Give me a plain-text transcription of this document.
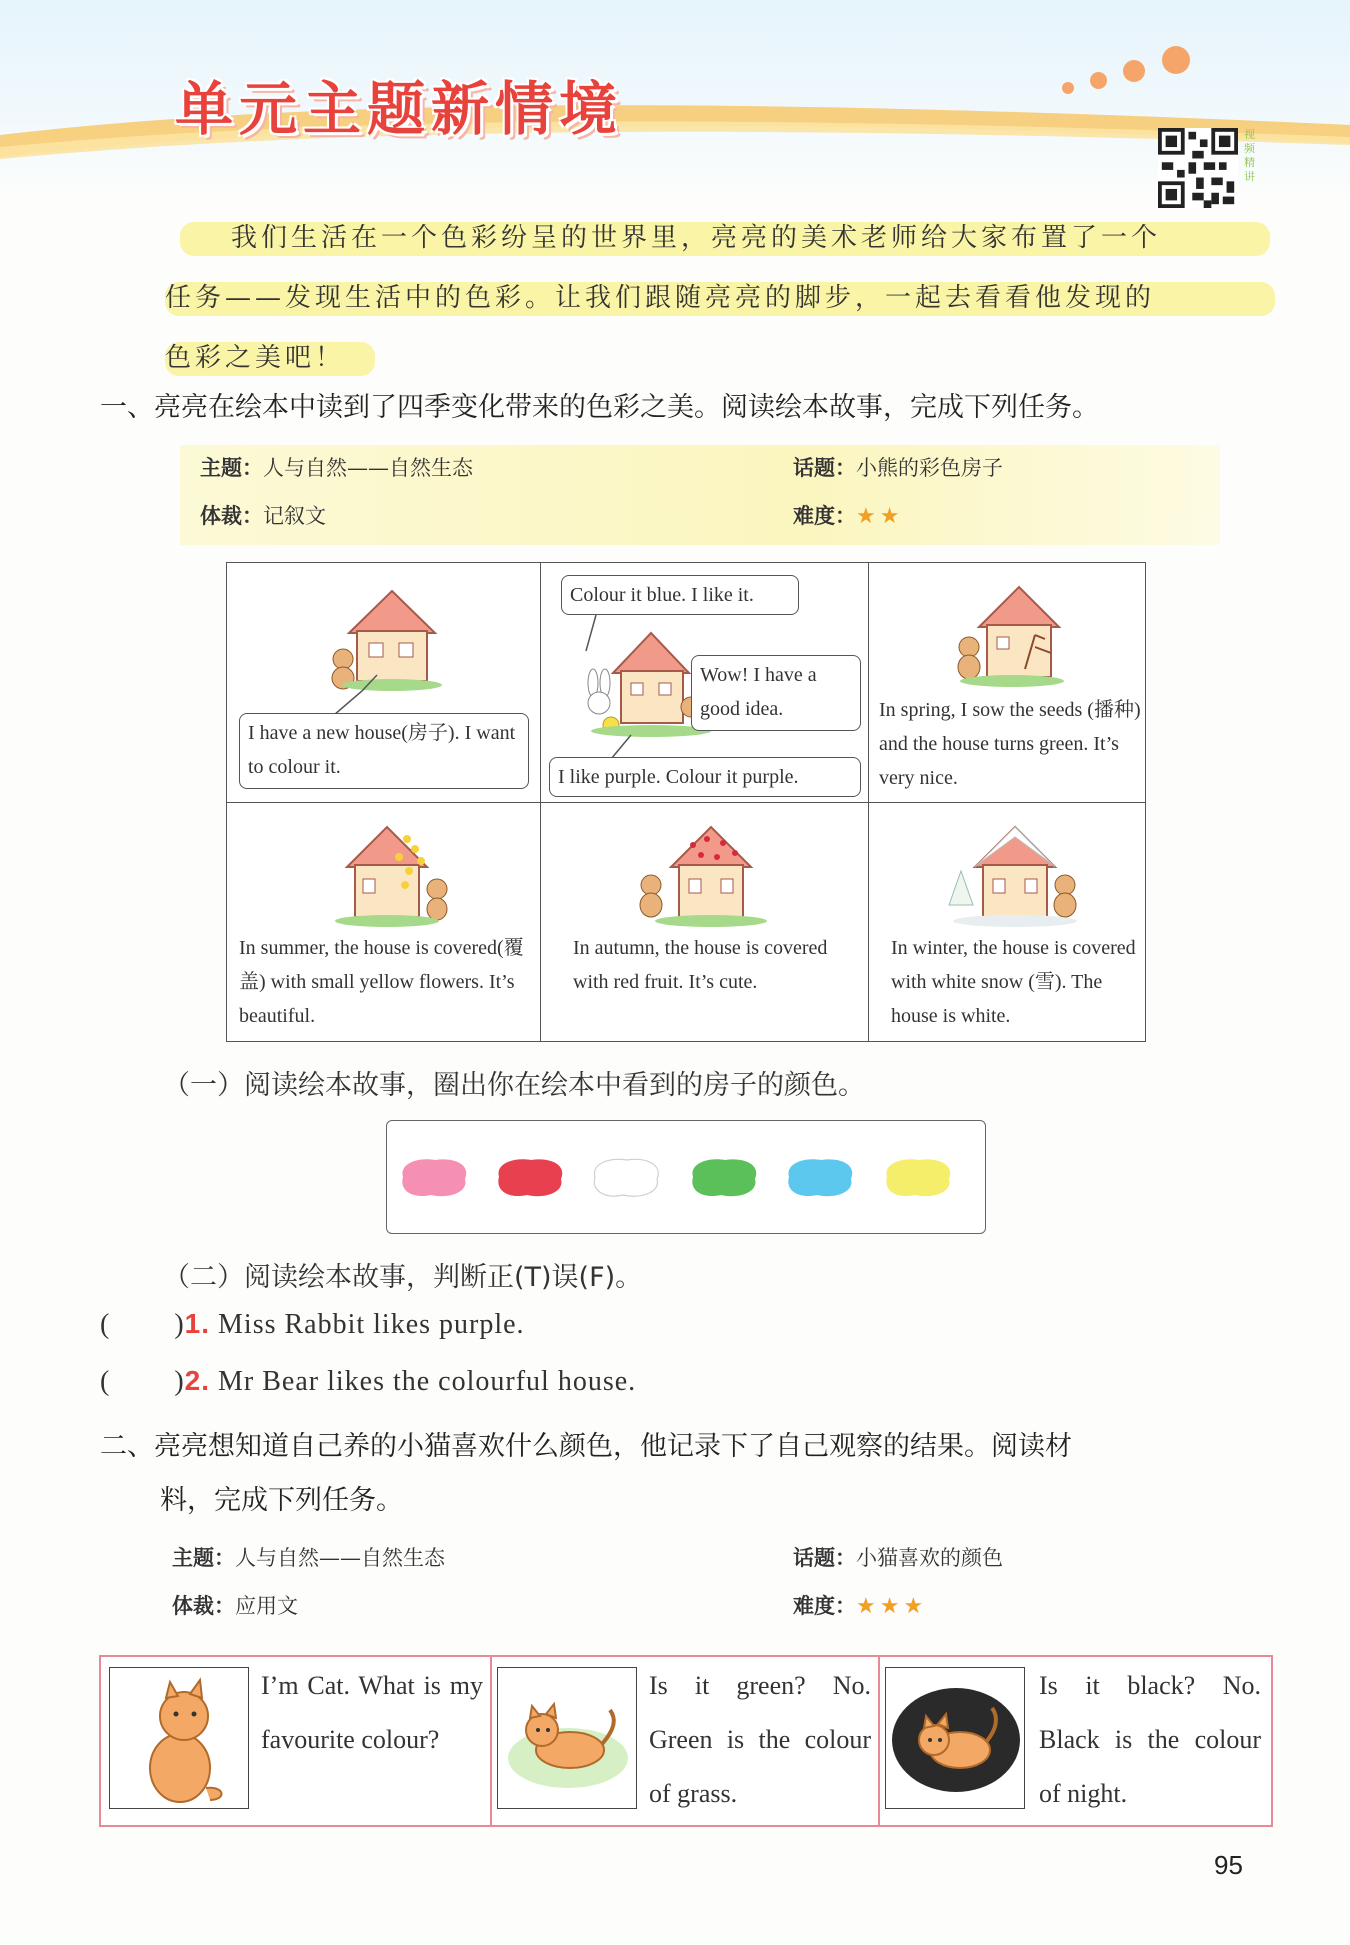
单元主题新情境	视频精讲
我们生活在一个色彩纷呈的世界里，亮亮的美术老师给大家布置了一个
任务——发现生活中的色彩。让我们跟随亮亮的脚步，一起去看看他发现的
色彩之美吧！
一、亮亮在绘本中读到了四季变化带来的色彩之美。阅读绘本故事，完成下列任务。
主题：人与自然——自然生态	话题：小熊的彩色房子
体裁：记叙文	难度：★★
I have a new house(房子). I want to colour it.
Colour it blue. I like it.
Wow! I have a good idea.
I like purple. Colour it purple.
In spring, I sow the seeds (播种) and the house turns green. It’s very nice.
In summer, the house is covered(覆盖) with small yellow flowers. It’s beautiful.
In autumn, the house is covered with red fruit. It’s cute.
In winter, the house is covered with white snow (雪). The house is white.
（一）阅读绘本故事，圈出你在绘本中看到的房子的颜色。
（二）阅读绘本故事，判断正(T)误(F)。
(        )1. Miss Rabbit likes purple.
(        )2. Mr Bear likes the colourful house.
二、亮亮想知道自己养的小猫喜欢什么颜色，他记录下了自己观察的结果。阅读材
料，完成下列任务。
主题：人与自然——自然生态	话题：小猫喜欢的颜色
体裁：应用文	难度：★★★
I’m Cat. What is my favourite colour?
Is it green? No. Green is the colour of grass.
Is it black? No. Black is the colour of night.
95
